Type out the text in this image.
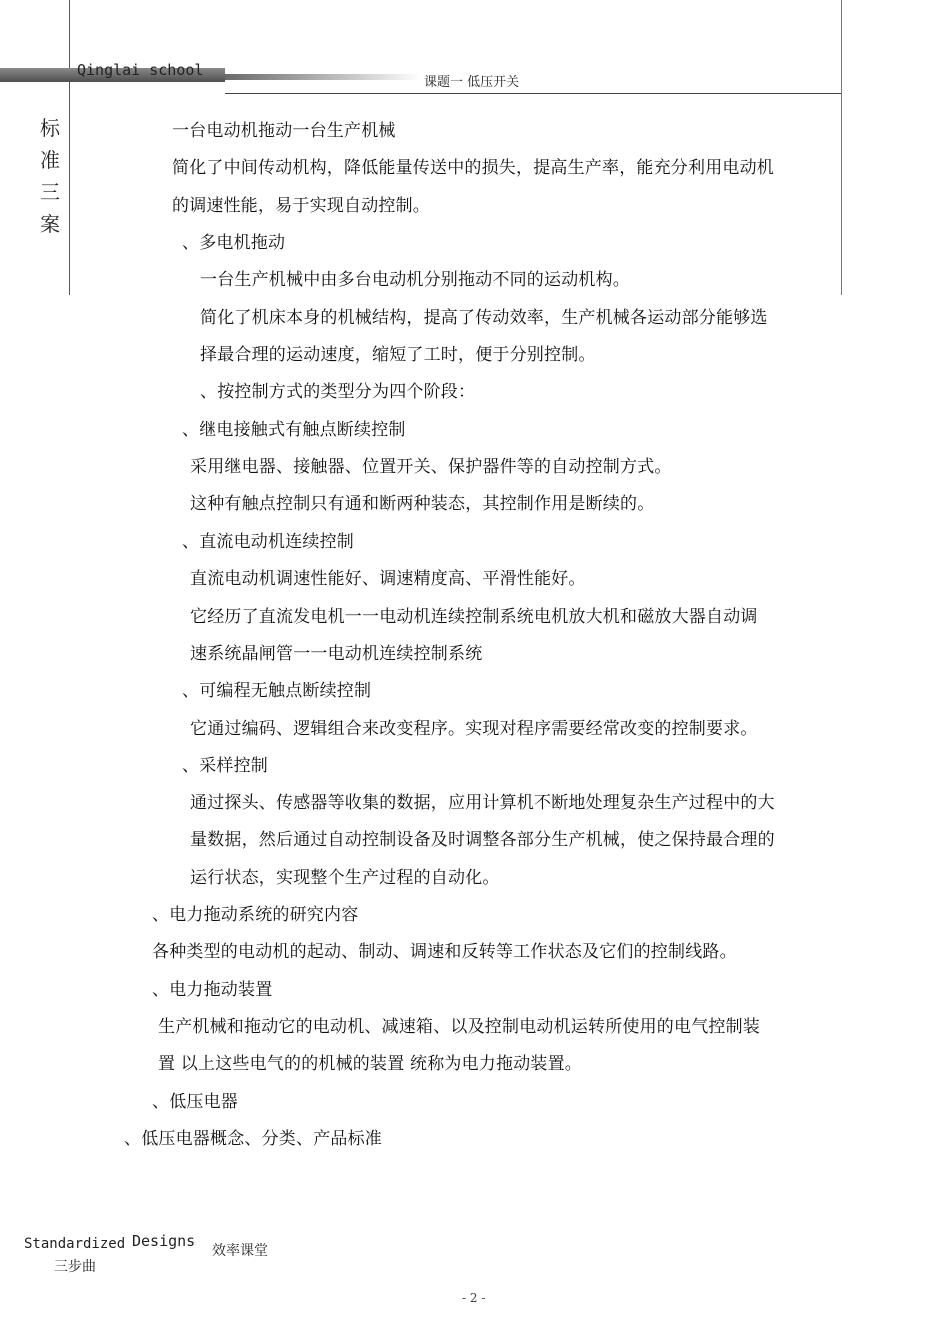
Qinglai school
课题一 低压开关
标
准
三
案
一台电动机拖动一台生产机械
简化了中间传动机构，降低能量传送中的损失，提高生产率，能充分利用电动机
的调速性能，易于实现自动控制。
、多电机拖动
一台生产机械中由多台电动机分别拖动不同的运动机构。
简化了机床本身的机械结构，提高了传动效率，生产机械各运动部分能够选
择最合理的运动速度，缩短了工时，便于分别控制。
、按控制方式的类型分为四个阶段：
、继电接触式有触点断续控制
采用继电器、接触器、位置开关、保护器件等的自动控制方式。
这种有触点控制只有通和断两种装态，其控制作用是断续的。
、直流电动机连续控制
直流电动机调速性能好、调速精度高、平滑性能好。
它经历了直流发电机一一电动机连续控制系统电机放大机和磁放大器自动调
速系统晶闸管一一电动机连续控制系统
、可编程无触点断续控制
它通过编码、逻辑组合来改变程序。实现对程序需要经常改变的控制要求。
、采样控制
通过探头、传感器等收集的数据，应用计算机不断地处理复杂生产过程中的大
量数据，然后通过自动控制设备及时调整各部分生产机械，使之保持最合理的
运行状态，实现整个生产过程的自动化。
、电力拖动系统的研究内容
各种类型的电动机的起动、制动、调速和反转等工作状态及它们的控制线路。
、电力拖动装置
生产机械和拖动它的电动机、减速箱、以及控制电动机运转所使用的电气控制装
置 以上这些电气的的机械的装置 统称为电力拖动装置。
、低压电器
、低压电器概念、分类、产品标准
Standardized Designs
效率课堂
三步曲
- 2 -
